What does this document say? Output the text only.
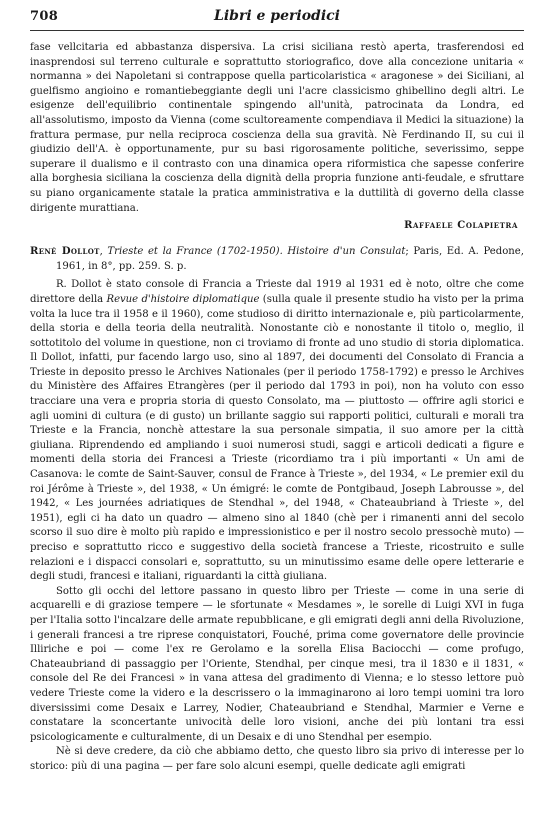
708	Libri e periodici

fase vellcitaria ed abbastanza dispersiva. La crisi siciliana restò aperta, trasferendosi ed inasprendosi sul terreno culturale e soprattutto storiografico, dove alla concezione unitaria « normanna » dei Napoletani si contrappose quella particolaristica « aragonese » dei Siciliani, al guelfismo angioino e romantiebeggiante degli uni l'acre classicismo ghibellino degli altri. Le esigenze dell'equilibrio continentale spingendo all'unità, patrocinata da Londra, ed all'assolutismo, imposto da Vienna (come scultoreamente compendiava il Medici la situazione) la frattura permase, pur nella reciproca coscienza della sua gravità. Nè Ferdinando II, su cui il giudizio dell'A. è opportunamente, pur su basi rigorosamente politiche, severissimo, seppe superare il dualismo e il contrasto con una dinamica opera riformistica che sapesse conferire alla borghesia siciliana la coscienza della dignità della propria funzione anti-feudale, e sfruttare su piano organicamente statale la pratica amministrativa e la duttilità di governo della classe dirigente murattiana.

Raffaele Colapietra
René Dollot, Trieste et la France (1702-1950). Histoire d'un Consulat; Paris, Ed. A. Pedone, 1961, in 8°, pp. 259. S. p.

R. Dollot è stato console di Francia a Trieste dal 1919 al 1931 ed è noto, oltre che come direttore della Revue d'histoire diplomatique (sulla quale il presente studio ha visto per la prima volta la luce tra il 1958 e il 1960), come studioso di diritto internazionale e, più particolarmente, della storia e della teoria della neutralità. Nonostante ciò e nonostante il titolo o, meglio, il sottotitolo del volume in questione, non ci troviamo di fronte ad uno studio di storia diplomatica. Il Dollot, infatti, pur facendo largo uso, sino al 1897, dei documenti del Consolato di Francia a Trieste in deposito presso le Archives Nationales (per il periodo 1758-1792) e presso le Archives du Ministère des Affaires Etrangères (per il periodo dal 1793 in poi), non ha voluto con esso tracciare una vera e propria storia di questo Consolato, ma — piuttosto — offrire agli storici e agli uomini di cultura (e di gusto) un brillante saggio sui rapporti politici, culturali e morali tra Trieste e la Francia, nonchè attestare la sua personale simpatia, il suo amore per la città giuliana. Riprendendo ed ampliando i suoi numerosi studi, saggi e articoli dedicati a figure e momenti della storia dei Francesi a Trieste (ricordiamo tra i più importanti « Un ami de Casanova: le comte de Saint-Sauver, consul de France à Trieste », del 1934, « Le premier exil du roi Jérôme à Trieste », del 1938, « Un émigré: le comte de Pontgibaud, Joseph Labrousse », del 1942, « Les journées adriatiques de Stendhal », del 1948, « Chateaubriand à Trieste », del 1951), egli ci ha dato un quadro — almeno sino al 1840 (chè per i rimanenti anni del secolo scorso il suo dire è molto più rapido e impressionistico e per il nostro secolo pressochè muto) — preciso e soprattutto ricco e suggestivo della società francese a Trieste, ricostruito e sulle relazioni e i dispacci consolari e, soprattutto, su un minutissimo esame delle opere letterarie e degli studi, francesi e italiani, riguardanti la città giuliana.

Sotto gli occhi del lettore passano in questo libro per Trieste — come in una serie di acquarelli e di graziose tempere — le sfortunate « Mesdames », le sorelle di Luigi XVI in fuga per l'Italia sotto l'incalzare delle armate repubblicane, e gli emigrati degli anni della Rivoluzione, i generali francesi a tre riprese conquistatori, Fouché, prima come governatore delle provincie Illiriche e poi — come l'ex re Gerolamo e la sorella Elisa Baciocchi — come profugo, Chateaubriand di passaggio per l'Oriente, Stendhal, per cinque mesi, tra il 1830 e il 1831, « console del Re dei Francesi » in vana attesa del gradimento di Vienna; e lo stesso lettore può vedere Trieste come la videro e la descrissero o la immaginarono ai loro tempi uomini tra loro diversissimi come Desaix e Larrey, Nodier, Chateaubriand e Stendhal, Marmier e Verne e constatare la sconcertante univocità delle loro visioni, anche dei più lontani tra essi psicologicamente e culturalmente, di un Desaix e di uno Stendhal per esempio.

Nè si deve credere, da ciò che abbiamo detto, che questo libro sia privo di interesse per lo storico: più di una pagina — per fare solo alcuni esempi, quelle dedicate agli emigrati
